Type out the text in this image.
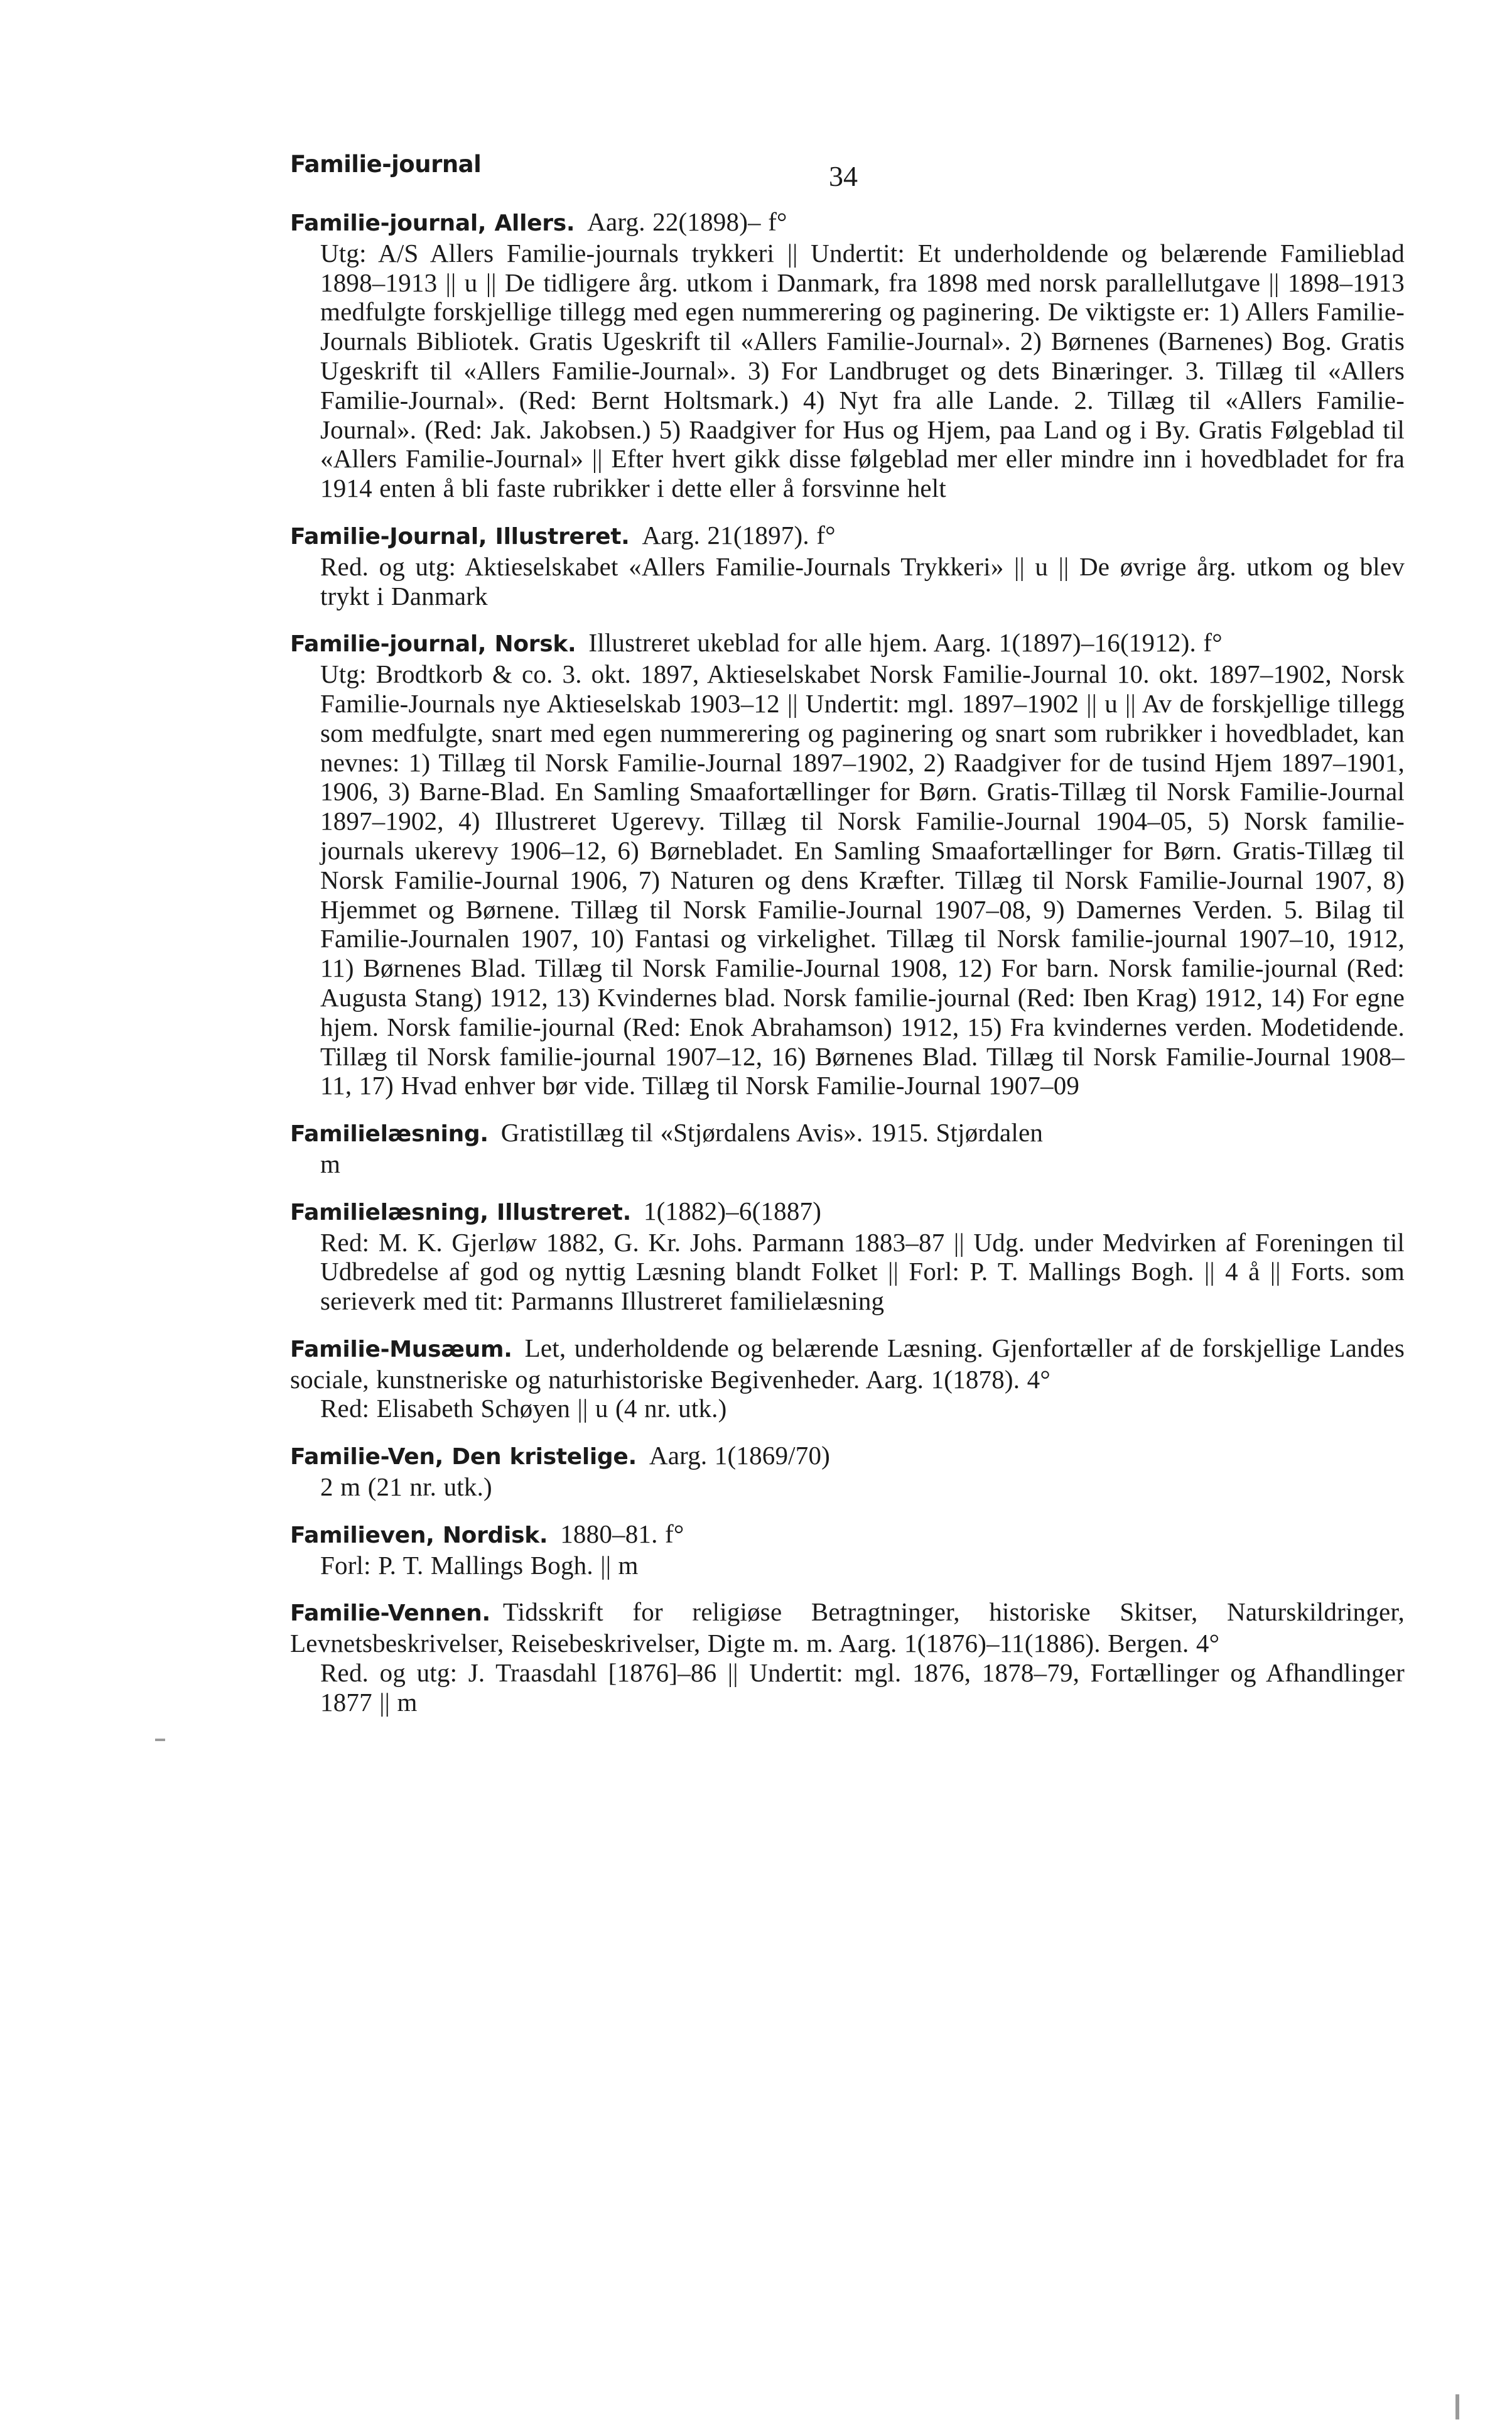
Familie-journal	34

Familie-journal, Allers. Aarg. 22(1898)– f°

Utg: A/S Allers Familie-journals trykkeri || Undertit: Et underholdende og belærende Familieblad 1898–1913 || u || De tidligere årg. utkom i Danmark, fra 1898 med norsk parallellutgave || 1898–1913 medfulgte forskjellige tillegg med egen nummerering og paginering. De viktigste er: 1) Allers Familie-Journals Bibliotek. Gratis Ugeskrift til «Allers Familie-Journal». 2) Børnenes (Barnenes) Bog. Gratis Ugeskrift til «Allers Familie-Journal». 3) For Landbruget og dets Binæringer. 3. Tillæg til «Allers Familie-Journal». (Red: Bernt Holtsmark.) 4) Nyt fra alle Lande. 2. Tillæg til «Allers Familie-Journal». (Red: Jak. Jakobsen.) 5) Raadgiver for Hus og Hjem, paa Land og i By. Gratis Følgeblad til «Allers Familie-Journal» || Efter hvert gikk disse følgeblad mer eller mindre inn i hovedbladet for fra 1914 enten å bli faste rubrikker i dette eller å forsvinne helt

Familie-Journal, Illustreret. Aarg. 21(1897). f°

Red. og utg: Aktieselskabet «Allers Familie-Journals Trykkeri» || u || De øvrige årg. utkom og blev trykt i Danmark

Familie-journal, Norsk. Illustreret ukeblad for alle hjem. Aarg. 1(1897)–16(1912). f°

Utg: Brodtkorb & co. 3. okt. 1897, Aktieselskabet Norsk Familie-Journal 10. okt. 1897–1902, Norsk Familie-Journals nye Aktieselskab 1903–12 || Undertit: mgl. 1897–1902 || u || Av de forskjellige tillegg som medfulgte, snart med egen nummerering og paginering og snart som rubrikker i hovedbladet, kan nevnes: 1) Tillæg til Norsk Familie-Journal 1897–1902, 2) Raadgiver for de tusind Hjem 1897–1901, 1906, 3) Barne-Blad. En Samling Smaafortællinger for Børn. Gratis-Tillæg til Norsk Familie-Journal 1897–1902, 4) Illustreret Ugerevy. Tillæg til Norsk Familie-Journal 1904–05, 5) Norsk familie-journals ukerevy 1906–12, 6) Børnebladet. En Samling Smaafortællinger for Børn. Gratis-Tillæg til Norsk Familie-Journal 1906, 7) Naturen og dens Kræfter. Tillæg til Norsk Familie-Journal 1907, 8) Hjemmet og Børnene. Tillæg til Norsk Familie-Journal 1907–08, 9) Damernes Verden. 5. Bilag til Familie-Journalen 1907, 10) Fantasi og virkelighet. Tillæg til Norsk familie-journal 1907–10, 1912, 11) Børnenes Blad. Tillæg til Norsk Familie-Journal 1908, 12) For barn. Norsk familie-journal (Red: Augusta Stang) 1912, 13) Kvindernes blad. Norsk familie-journal (Red: Iben Krag) 1912, 14) For egne hjem. Norsk familie-journal (Red: Enok Abrahamson) 1912, 15) Fra kvindernes verden. Modetidende. Tillæg til Norsk familie-journal 1907–12, 16) Børnenes Blad. Tillæg til Norsk Familie-Journal 1908–11, 17) Hvad enhver bør vide. Tillæg til Norsk Familie-Journal 1907–09

Familielæsning. Gratistillæg til «Stjørdalens Avis». 1915. Stjørdalen

m

Familielæsning, Illustreret. 1(1882)–6(1887)

Red: M. K. Gjerløw 1882, G. Kr. Johs. Parmann 1883–87 || Udg. under Medvirken af Foreningen til Udbredelse af god og nyttig Læsning blandt Folket || Forl: P. T. Mallings Bogh. || 4 å || Forts. som serieverk med tit: Parmanns Illustreret familielæsning

Familie-Musæum. Let, underholdende og belærende Læsning. Gjenfortæller af de forskjellige Landes sociale, kunstneriske og naturhistoriske Begivenheder. Aarg. 1(1878). 4°

Red: Elisabeth Schøyen || u (4 nr. utk.)

Familie-Ven, Den kristelige. Aarg. 1(1869/70)

2 m (21 nr. utk.)

Familieven, Nordisk. 1880–81. f°

Forl: P. T. Mallings Bogh. || m

Familie-Vennen. Tidsskrift for religiøse Betragtninger, historiske Skitser, Naturskildringer, Levnetsbeskrivelser, Reisebeskrivelser, Digte m. m. Aarg. 1(1876)–11(1886). Bergen. 4°

Red. og utg: J. Traasdahl [1876]–86 || Undertit: mgl. 1876, 1878–79, Fortællinger og Afhandlinger 1877 || m
